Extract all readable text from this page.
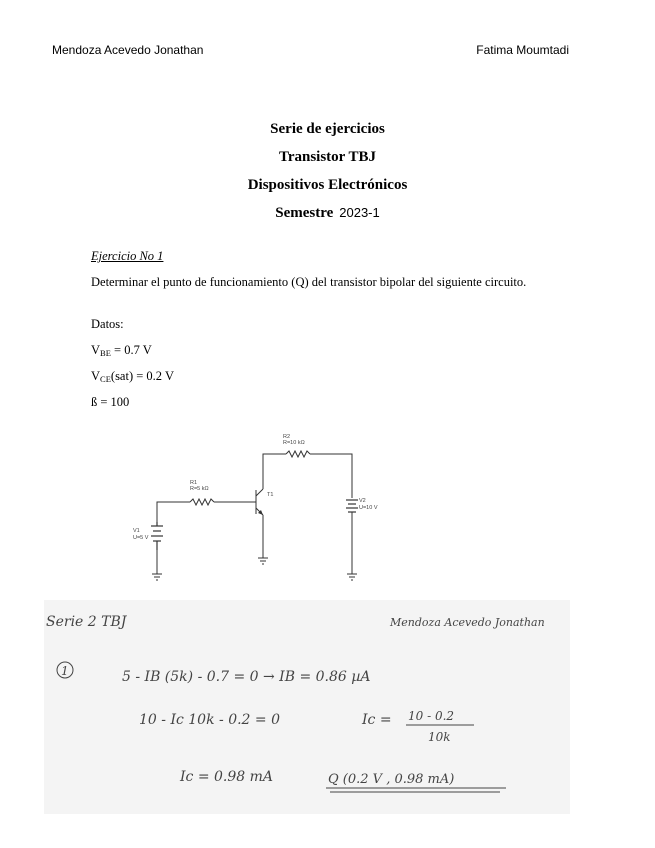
Mendoza Acevedo Jonathan	Fatima Moumtadi
Serie de ejercicios
Transistor TBJ
Dispositivos Electrónicos
Semestre 2023-1
Ejercicio No 1
Determinar el punto de funcionamiento (Q) del transistor bipolar del siguiente circuito.
Datos:
$V_{BE} = 0.7$ V
$V_{CE}(sat) = 0.2$ V
ß = 100
R2
R=10 kΩ
R1
R=5 kΩ
T1
V1
U=5 V
V2
U=10 V
Serie 2 TBJ	Mendoza Acevedo Jonathan
1	5 - IB (5k) - 0.7 = 0 → IB = 0.86 µA
10 - Ic 10k - 0.2 = 0	Ic = 10 - 0.2
10k
Ic = 0.98 mA	Q (0.2 V , 0.98 mA)
